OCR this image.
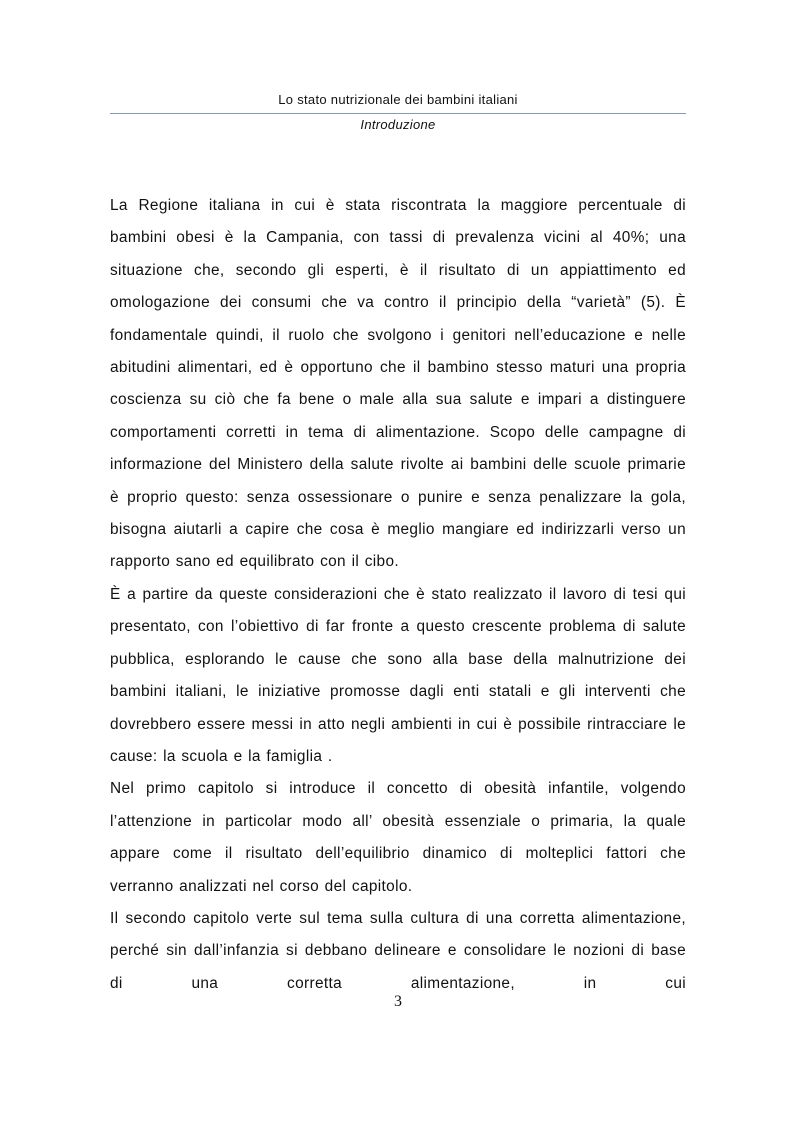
Lo stato nutrizionale dei bambini italiani
Introduzione

La Regione italiana in cui è stata riscontrata la maggiore percentuale di bambini obesi è la Campania, con tassi di prevalenza vicini al 40%; una situazione che, secondo gli esperti, è il risultato di un appiattimento ed omologazione dei consumi che va contro il principio della “varietà” (5). È fondamentale quindi, il ruolo che svolgono i genitori nell’educazione e nelle abitudini alimentari, ed è opportuno che il bambino stesso maturi una propria coscienza su ciò che fa bene o male alla sua salute e impari a distinguere comportamenti corretti in tema di alimentazione. Scopo delle campagne di informazione del Ministero della salute rivolte ai bambini delle scuole primarie è proprio questo: senza ossessionare o punire e senza penalizzare la gola, bisogna aiutarli a capire che cosa è meglio mangiare ed indirizzarli verso un rapporto sano ed equilibrato con il cibo.

È a partire da queste considerazioni che è stato realizzato il lavoro di tesi qui presentato, con l’obiettivo di far fronte a questo crescente problema di salute pubblica, esplorando le cause che sono alla base della malnutrizione dei bambini italiani, le iniziative promosse dagli enti statali e gli interventi che dovrebbero essere messi in atto negli ambienti in cui è possibile rintracciare le cause: la scuola e la famiglia .

Nel primo capitolo si introduce il concetto di obesità infantile, volgendo l’attenzione in particolar modo all’ obesità essenziale o primaria, la quale appare come il risultato dell’equilibrio dinamico di molteplici fattori che verranno analizzati nel corso del capitolo.

Il secondo capitolo verte sul tema sulla cultura di una corretta alimentazione, perché sin dall’infanzia si debbano delineare e consolidare le nozioni di base di una corretta alimentazione, in cui

3
